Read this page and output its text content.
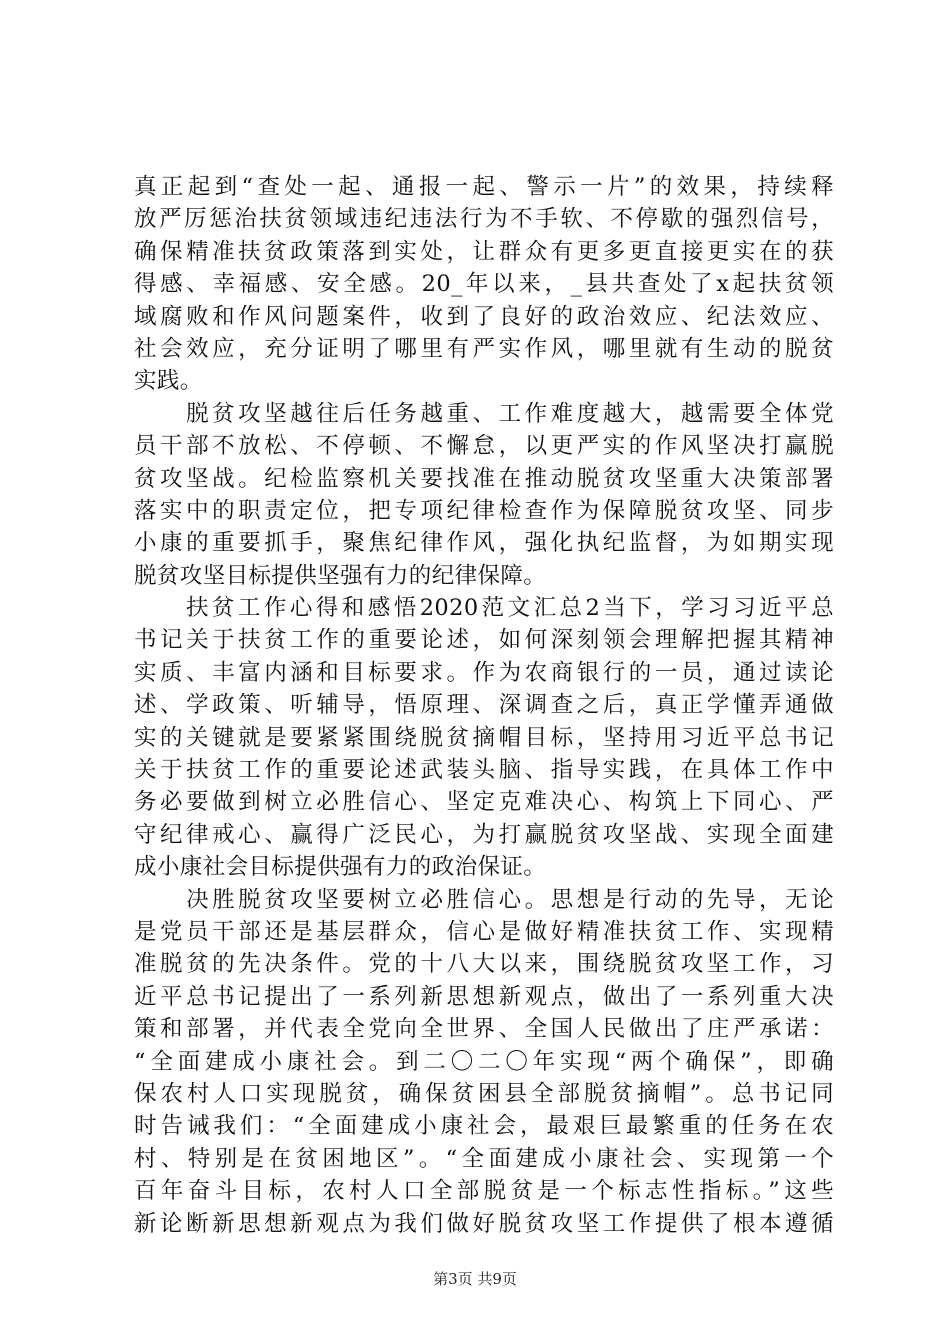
真正起到“查处一起、通报一起、警示一片”的效果，持续释
放严厉惩治扶贫领域违纪违法行为不手软、不停歇的强烈信号，
确保精准扶贫政策落到实处，让群众有更多更直接更实在的获
得感、幸福感、安全感。20_年以来，_县共查处了x起扶贫领
域腐败和作风问题案件，收到了良好的政治效应、纪法效应、
社会效应，充分证明了哪里有严实作风，哪里就有生动的脱贫
实践。
　　脱贫攻坚越往后任务越重、工作难度越大，越需要全体党
员干部不放松、不停顿、不懈怠，以更严实的作风坚决打赢脱
贫攻坚战。纪检监察机关要找准在推动脱贫攻坚重大决策部署
落实中的职责定位，把专项纪律检查作为保障脱贫攻坚、同步
小康的重要抓手，聚焦纪律作风，强化执纪监督，为如期实现
脱贫攻坚目标提供坚强有力的纪律保障。
　　扶贫工作心得和感悟2020范文汇总2当下，学习习近平总
书记关于扶贫工作的重要论述，如何深刻领会理解把握其精神
实质、丰富内涵和目标要求。作为农商银行的一员，通过读论
述、学政策、听辅导，悟原理、深调查之后，真正学懂弄通做
实的关键就是要紧紧围绕脱贫摘帽目标，坚持用习近平总书记
关于扶贫工作的重要论述武装头脑、指导实践，在具体工作中
务必要做到树立必胜信心、坚定克难决心、构筑上下同心、严
守纪律戒心、赢得广泛民心，为打赢脱贫攻坚战、实现全面建
成小康社会目标提供强有力的政治保证。
　　决胜脱贫攻坚要树立必胜信心。思想是行动的先导，无论
是党员干部还是基层群众，信心是做好精准扶贫工作、实现精
准脱贫的先决条件。党的十八大以来，围绕脱贫攻坚工作，习
近平总书记提出了一系列新思想新观点，做出了一系列重大决
策和部署，并代表全党向全世界、全国人民做出了庄严承诺：
“全面建成小康社会。到二〇二〇年实现“两个确保”，即确
保农村人口实现脱贫，确保贫困县全部脱贫摘帽”。总书记同
时告诫我们：“全面建成小康社会，最艰巨最繁重的任务在农
村、特别是在贫困地区”。“全面建成小康社会、实现第一个
百年奋斗目标，农村人口全部脱贫是一个标志性指标。”这些
新论断新思想新观点为我们做好脱贫攻坚工作提供了根本遵循
第3页 共9页
